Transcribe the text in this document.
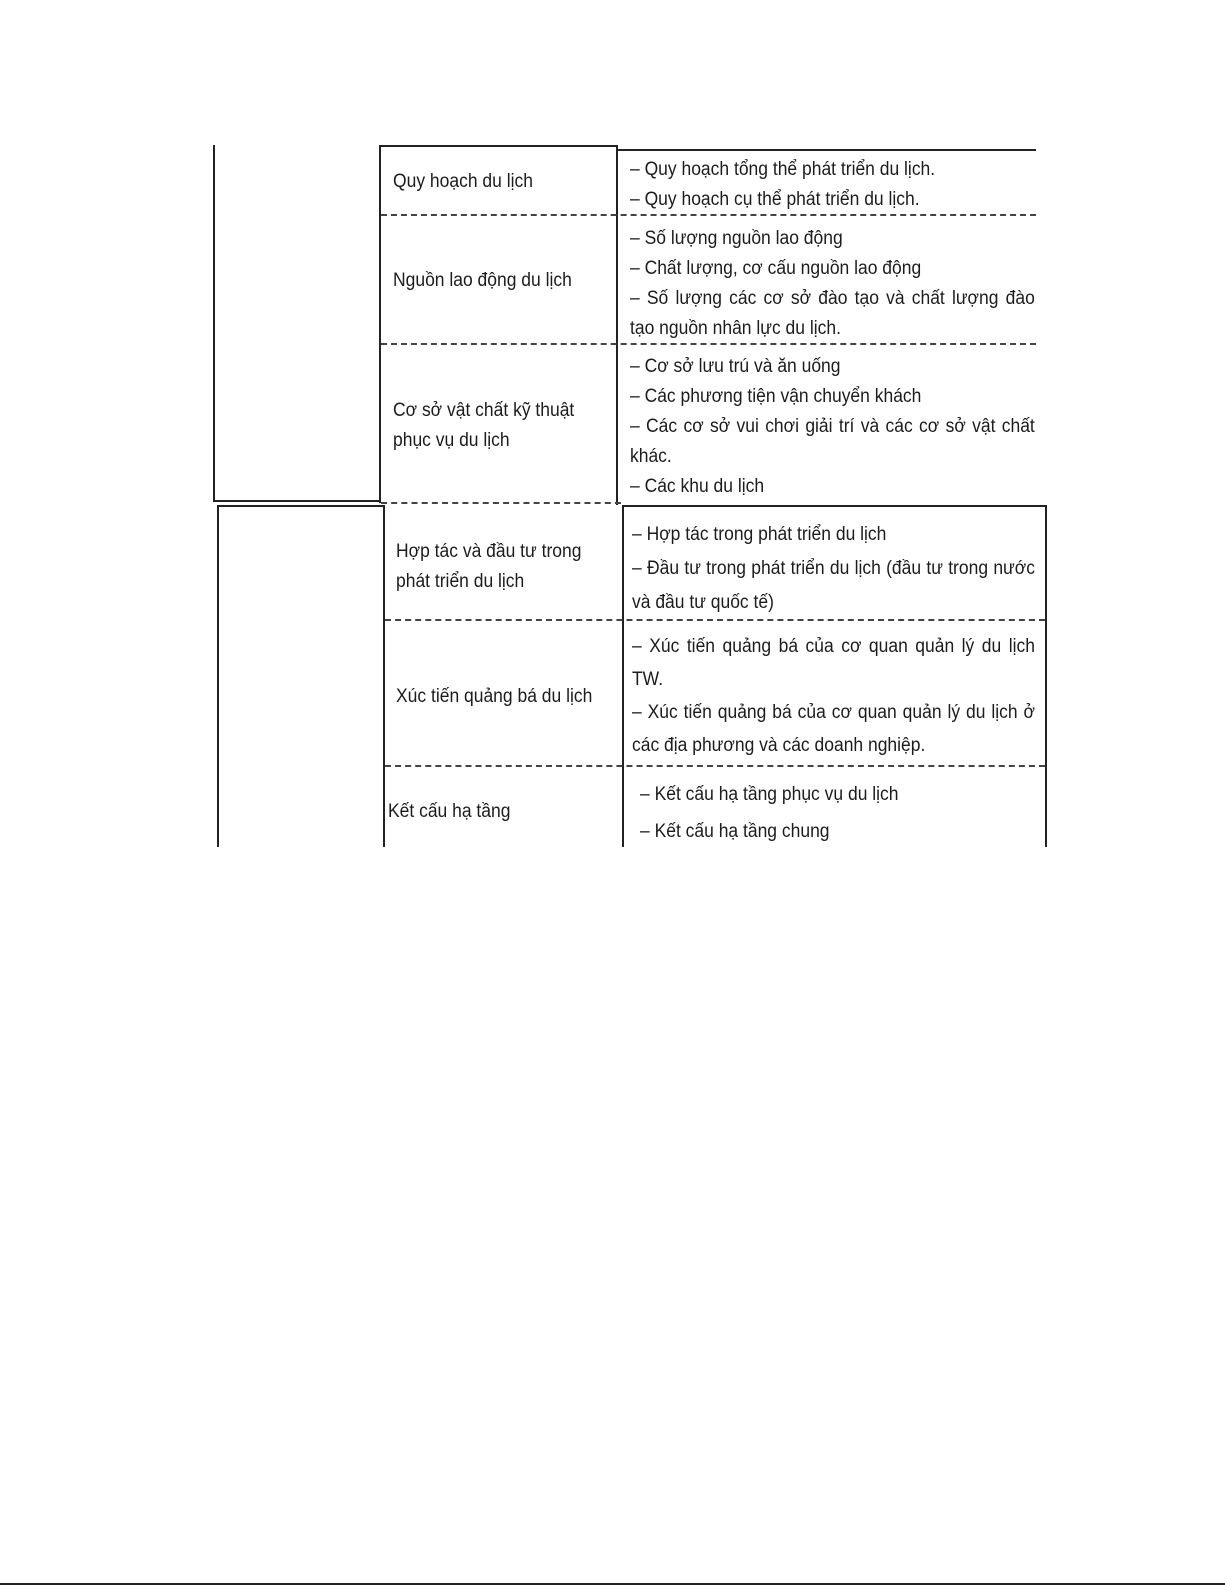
Quy hoạch du lịch
– Quy hoạch tổng thể phát triển du lịch.
– Quy hoạch cụ thể phát triển du lịch.
Nguồn lao động du lịch
– Số lượng nguồn lao động
– Chất lượng, cơ cấu nguồn lao động
– Số lượng các cơ sở đào tạo và chất lượng đào tạo nguồn nhân lực du lịch.
Cơ sở vật chất kỹ thuật
phục vụ du lịch
– Cơ sở lưu trú và ăn uống
– Các phương tiện vận chuyển khách
– Các cơ sở vui chơi giải trí và các cơ sở vật chất khác.
– Các khu du lịch
Hợp tác và đầu tư trong
phát triển du lịch
– Hợp tác trong phát triển du lịch
– Đầu tư trong phát triển du lịch (đầu tư trong nước và đầu tư quốc tế)
Xúc tiến quảng bá du lịch
– Xúc tiến quảng bá của cơ quan quản lý du lịch TW.
– Xúc tiến quảng bá của cơ quan quản lý du lịch ở các địa phương và các doanh nghiệp.
Kết cấu hạ tầng
– Kết cấu hạ tầng phục vụ du lịch
– Kết cấu hạ tầng chung
